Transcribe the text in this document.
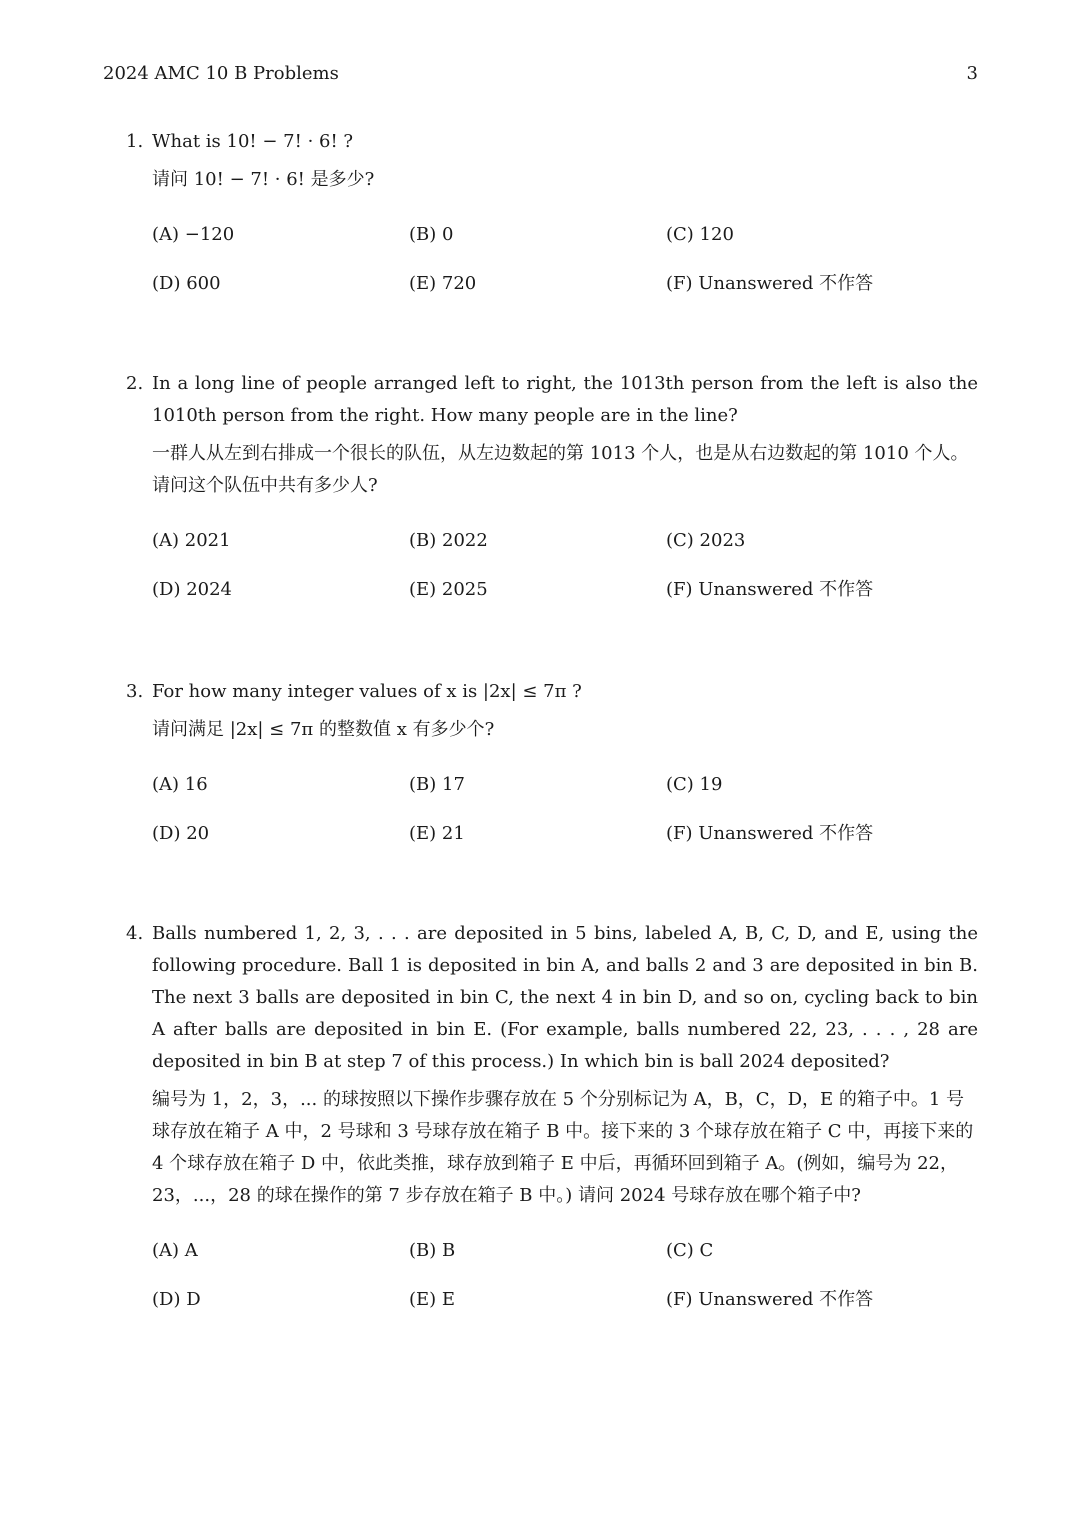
2024 AMC 10 B Problems	3
1. What is 10! − 7! · 6! ?

请问 10! − 7! · 6! 是多少?

(A) −120	(B) 0	(C) 120
(D) 600	(E) 720	(F) Unanswered 不作答
2. In a long line of people arranged left to right, the 1013th person from the left is also the 1010th person from the right. How many people are in the line?

一群人从左到右排成一个很长的队伍，从左边数起的第 1013 个人，也是从右边数起的第 1010 个人。请问这个队伍中共有多少人?

(A) 2021	(B) 2022	(C) 2023
(D) 2024	(E) 2025	(F) Unanswered 不作答
3. For how many integer values of x is |2x| ≤ 7π ?

请问满足 |2x| ≤ 7π 的整数值 x 有多少个?

(A) 16	(B) 17	(C) 19
(D) 20	(E) 21	(F) Unanswered 不作答
4. Balls numbered 1, 2, 3, . . . are deposited in 5 bins, labeled A, B, C, D, and E, using the following procedure. Ball 1 is deposited in bin A, and balls 2 and 3 are deposited in bin B. The next 3 balls are deposited in bin C, the next 4 in bin D, and so on, cycling back to bin A after balls are deposited in bin E. (For example, balls numbered 22, 23, . . . , 28 are deposited in bin B at step 7 of this process.) In which bin is ball 2024 deposited?

编号为 1，2，3，... 的球按照以下操作步骤存放在 5 个分别标记为 A，B，C，D，E 的箱子中。1 号球存放在箱子 A 中，2 号球和 3 号球存放在箱子 B 中。接下来的 3 个球存放在箱子 C 中，再接下来的 4 个球存放在箱子 D 中，依此类推，球存放到箱子 E 中后，再循环回到箱子 A。(例如，编号为 22，23，...，28 的球在操作的第 7 步存放在箱子 B 中。) 请问 2024 号球存放在哪个箱子中?

(A) A	(B) B	(C) C
(D) D	(E) E	(F) Unanswered 不作答
